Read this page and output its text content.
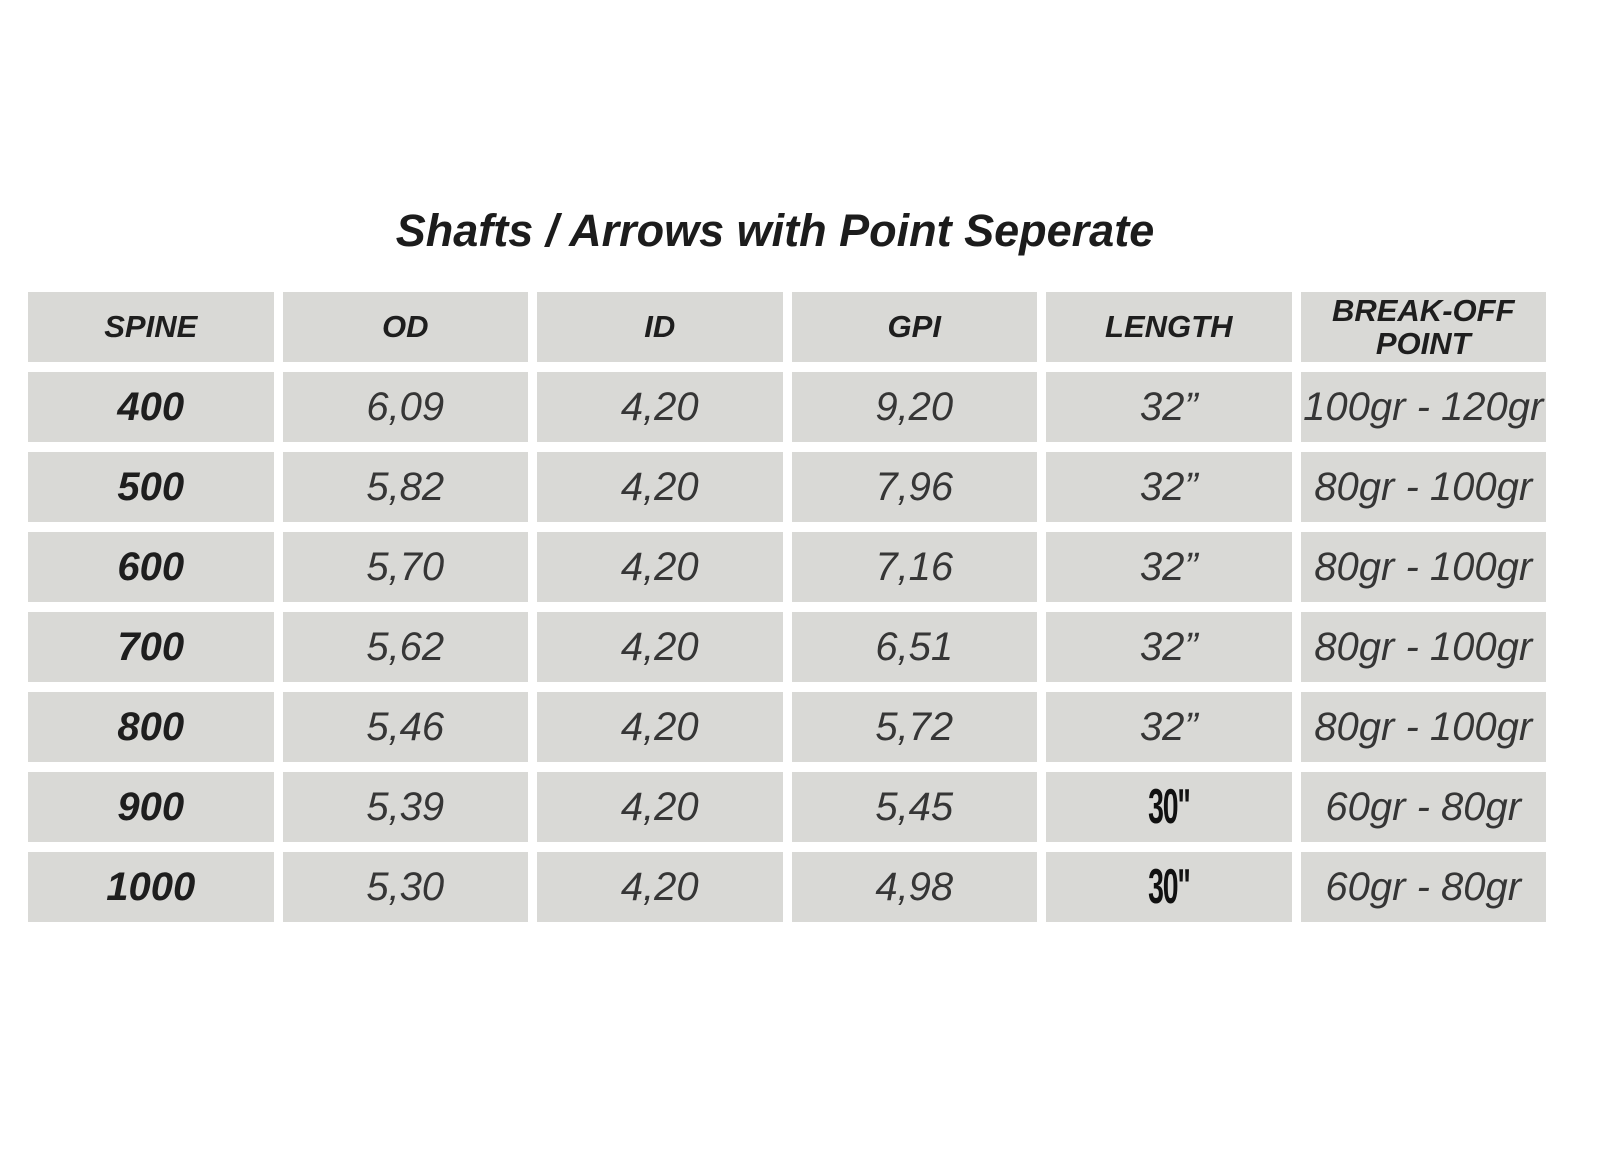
Shafts / Arrows with Point Seperate
SPINE	OD	ID	GPI	LENGTH	BREAK-OFF POINT
400	6,09	4,20	9,20	32”	100gr - 120gr
500	5,82	4,20	7,96	32”	80gr - 100gr
600	5,70	4,20	7,16	32”	80gr - 100gr
700	5,62	4,20	6,51	32”	80gr - 100gr
800	5,46	4,20	5,72	32”	80gr - 100gr
900	5,39	4,20	5,45	30"	60gr - 80gr
1000	5,30	4,20	4,98	30"	60gr - 80gr
